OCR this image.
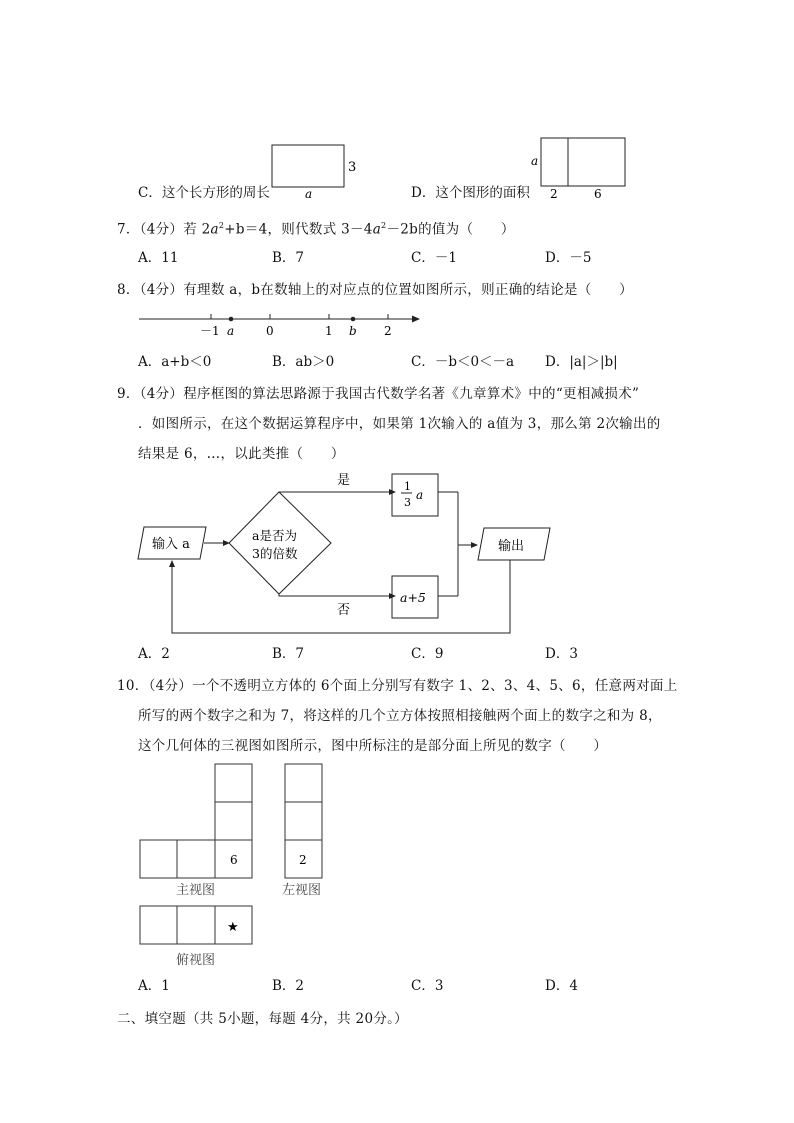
C．这个长方形的周长
3
a	D．这个图形的面积
a
2	6
7．（4分）若 $2a^2+b=4$，则代数式 $3-4a^2-2b$的值为（　　）
A．11	B．7	C．－1	D．－5
8．（4分）有理数 a，b在数轴上的对应点的位置如图所示，则正确的结论是（　　）
－1	0	1	2
a	b
A．a+b＜0	B．ab＞0	C．－b＜0＜－a D．|a|＞|b|
9．（4分）程序框图的算法思路源于我国古代数学名著《九章算术》中的“更相减损术”
．如图所示，在这个数据运算程序中，如果第 1次输入的 a值为 3，那么第 2次输出的
结果是 6，…，以此类推（　　）
输入 a
a是否为
3的倍数
是	1
3
a
否
a+5
输出
A．2	B．7	C．9	D．3
10．（4分）一个不透明立方体的 6个面上分别写有数字 1、2、3、4、5、6，任意两对面上
所写的两个数字之和为 7，将这样的几个立方体按照相接触两个面上的数字之和为 8，
这个几何体的三视图如图所示，图中所标注的是部分面上所见的数字（　　）
6
主视图
2
左视图
★
俯视图
A．1	B．2	C．3	D．4
二、填空题（共 5小题，每题 4分，共 20分。）
